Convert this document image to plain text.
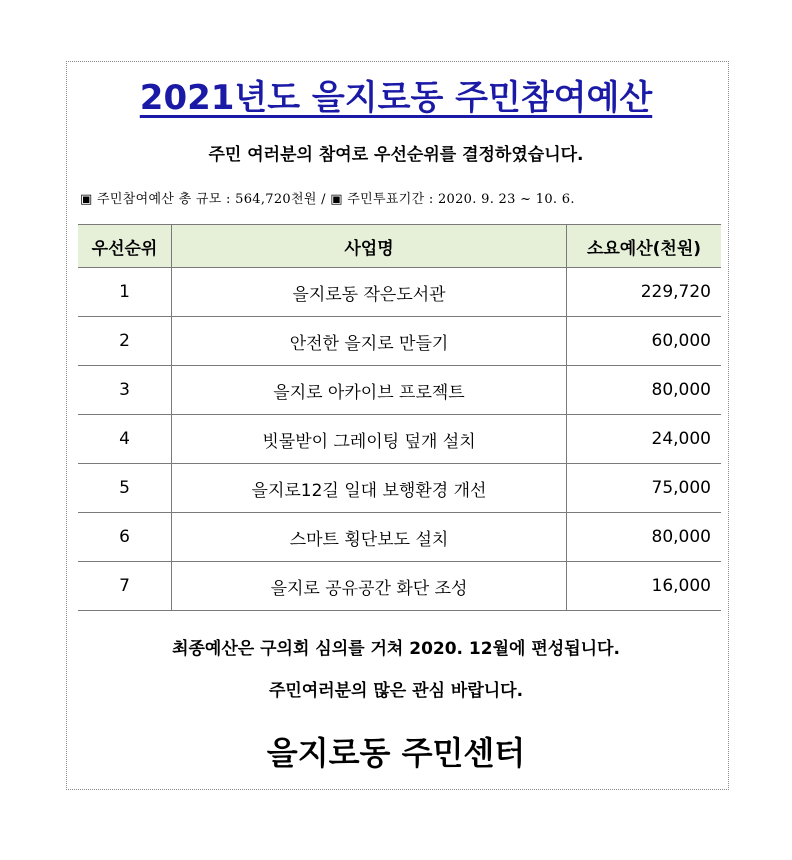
2021년도 을지로동 주민참여예산
주민 여러분의 참여로 우선순위를 결정하였습니다.
▣ 주민참여예산 총 규모 : 564,720천원 / ▣ 주민투표기간 : 2020. 9. 23 ~ 10. 6.
우선순위	사업명	소요예산(천원)
1	을지로동 작은도서관	229,720
2	안전한 을지로 만들기	60,000
3	을지로 아카이브 프로젝트	80,000
4	빗물받이 그레이팅 덮개 설치	24,000
5	을지로12길 일대 보행환경 개선	75,000
6	스마트 횡단보도 설치	80,000
7	을지로 공유공간 화단 조성	16,000
최종예산은 구의회 심의를 거쳐 2020. 12월에 편성됩니다.
주민여러분의 많은 관심 바랍니다.
을지로동 주민센터
